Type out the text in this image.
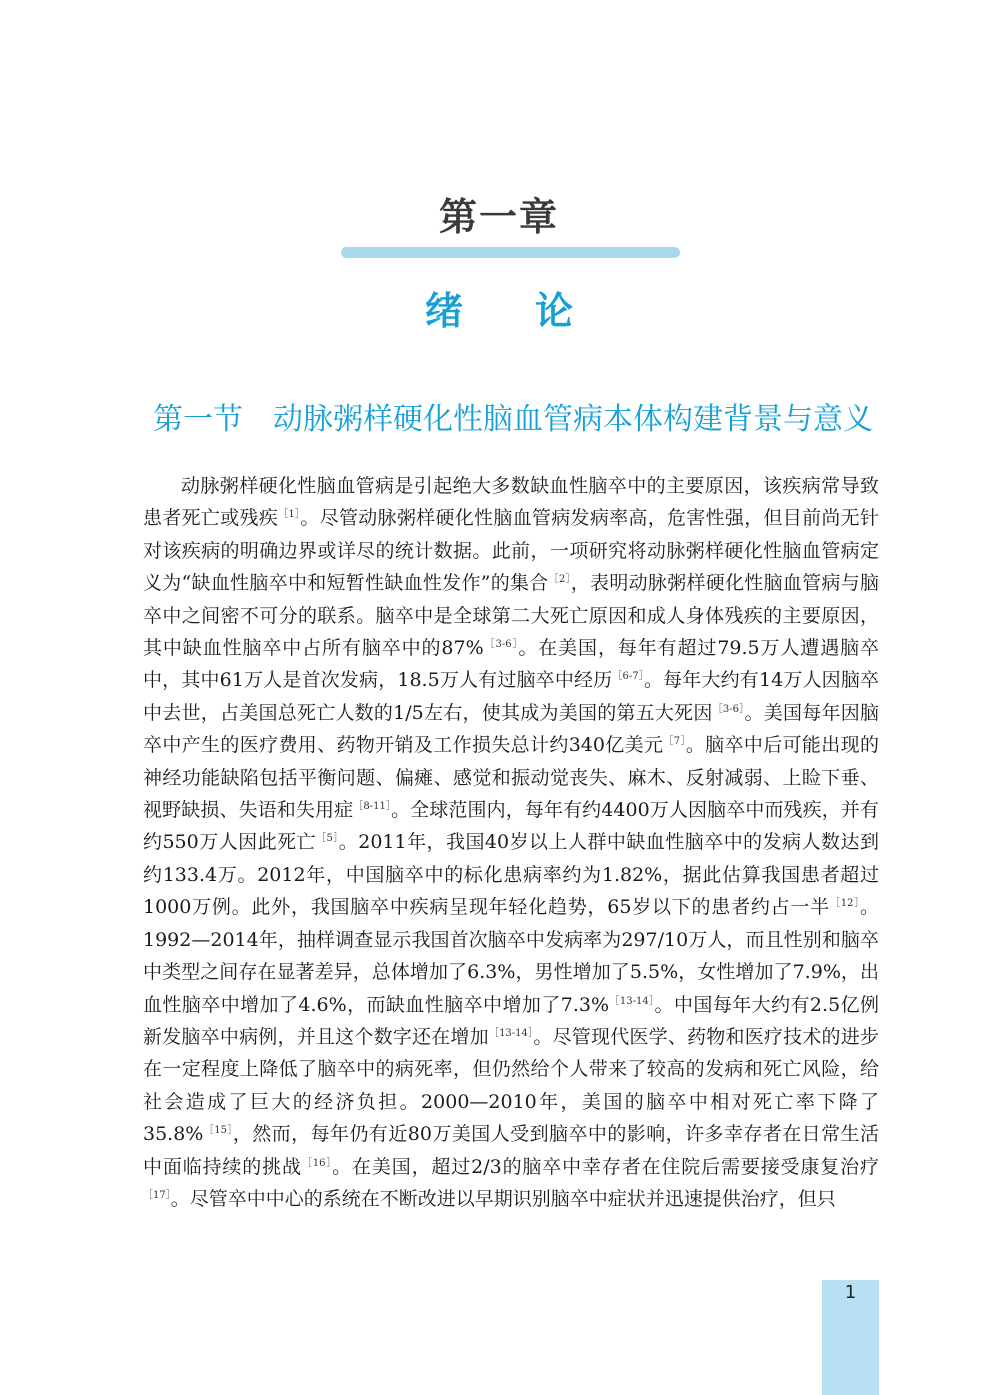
第一章
绪论
第一节 动脉粥样硬化性脑血管病本体构建背景与意义

动脉粥样硬化性脑血管病是引起绝大多数缺血性脑卒中的主要原因，该疾病常导致患者死亡或残疾$^{[1]}$。尽管动脉粥样硬化性脑血管病发病率高，危害性强，但目前尚无针对该疾病的明确边界或详尽的统计数据。此前，一项研究将动脉粥样硬化性脑血管病定义为“缺血性脑卒中和短暂性缺血性发作”的集合$^{[2]}$，表明动脉粥样硬化性脑血管病与脑卒中之间密不可分的联系。脑卒中是全球第二大死亡原因和成人身体残疾的主要原因，其中缺血性脑卒中占所有脑卒中的87%$^{[3-6]}$。在美国，每年有超过79.5万人遭遇脑卒中，其中61万人是首次发病，18.5万人有过脑卒中经历$^{[6-7]}$。每年大约有14万人因脑卒中去世，占美国总死亡人数的1/5左右，使其成为美国的第五大死因$^{[3-6]}$。美国每年因脑卒中产生的医疗费用、药物开销及工作损失总计约340亿美元$^{[7]}$。脑卒中后可能出现的神经功能缺陷包括平衡问题、偏瘫、感觉和振动觉丧失、麻木、反射减弱、上睑下垂、视野缺损、失语和失用症$^{[8-11]}$。全球范围内，每年有约4400万人因脑卒中而残疾，并有约550万人因此死亡$^{[5]}$。2011年，我国40岁以上人群中缺血性脑卒中的发病人数达到约133.4万。2012年，中国脑卒中的标化患病率约为1.82%，据此估算我国患者超过1000万例。此外，我国脑卒中疾病呈现年轻化趋势，65岁以下的患者约占一半$^{[12]}$。1992—2014年，抽样调查显示我国首次脑卒中发病率为297/10万人，而且性别和脑卒中类型之间存在显著差异，总体增加了6.3%，男性增加了5.5%，女性增加了7.9%，出血性脑卒中增加了4.6%，而缺血性脑卒中增加了7.3%$^{[13-14]}$。中国每年大约有2.5亿例新发脑卒中病例，并且这个数字还在增加$^{[13-14]}$。尽管现代医学、药物和医疗技术的进步在一定程度上降低了脑卒中的病死率，但仍然给个人带来了较高的发病和死亡风险，给社会造成了巨大的经济负担。2000—2010年，美国的脑卒中相对死亡率下降了35.8%$^{[15]}$，然而，每年仍有近80万美国人受到脑卒中的影响，许多幸存者在日常生活中面临持续的挑战$^{[16]}$。在美国，超过2/3的脑卒中幸存者在住院后需要接受康复治疗$^{[17]}$。尽管卒中中心的系统在不断改进以早期识别脑卒中症状并迅速提供治疗，但只

1
